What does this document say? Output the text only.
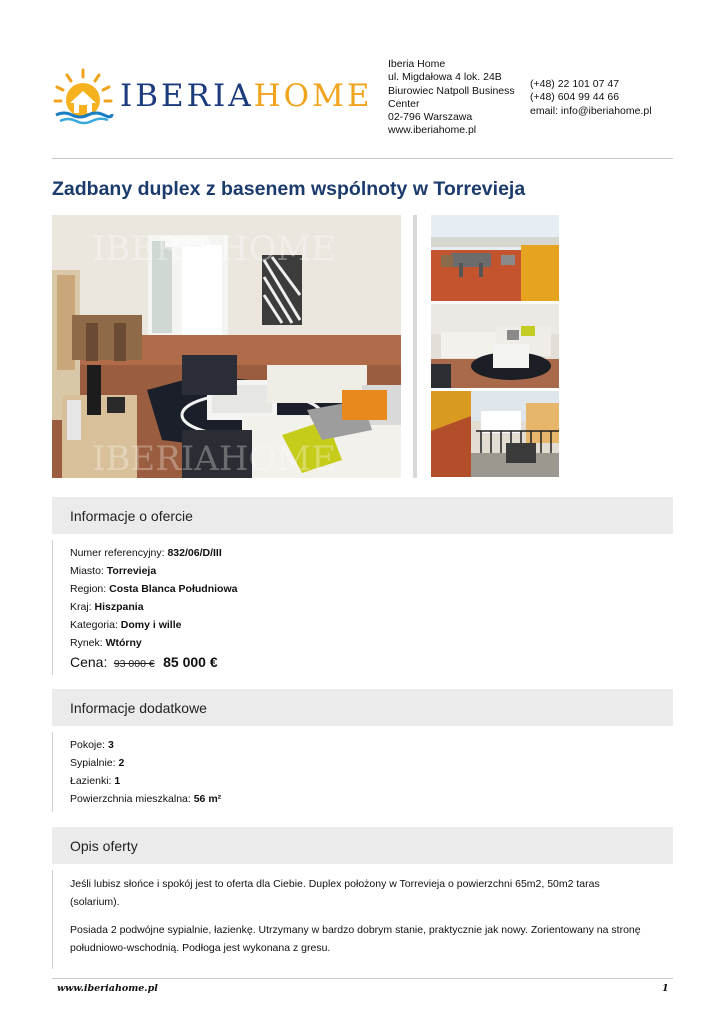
IBERIAHOME
Iberia Home
ul. Migdałowa 4 lok. 24B
Biurowiec Natpoll Business
Center
02-796 Warszawa
www.iberiahome.pl
(+48) 22 101 07 47
(+48) 604 99 44 66
email: info@iberiahome.pl
Zadbany duplex z basenem wspólnoty w Torrevieja
IBERIAHOME
IBERIAHOME
Informacje o ofercie
Numer referencyjny: 832/06/D/III
Miasto: Torrevieja
Region: Costa Blanca Południowa
Kraj: Hiszpania
Kategoria: Domy i wille
Rynek: Wtórny
Cena: 93 000 € 85 000 €
Informacje dodatkowe
Pokoje: 3
Sypialnie: 2
Łazienki: 1
Powierzchnia mieszkalna: 56 m²
Opis oferty
Jeśli lubisz słońce i spokój jest to oferta dla Ciebie. Duplex położony w Torrevieja o powierzchni 65m2, 50m2 taras
(solarium).
Posiada 2 podwójne sypialnie, łazienkę. Utrzymany w bardzo dobrym stanie, praktycznie jak nowy. Zorientowany na stronę
południowo-wschodnią. Podłoga jest wykonana z gresu.
www.iberiahome.pl	1
